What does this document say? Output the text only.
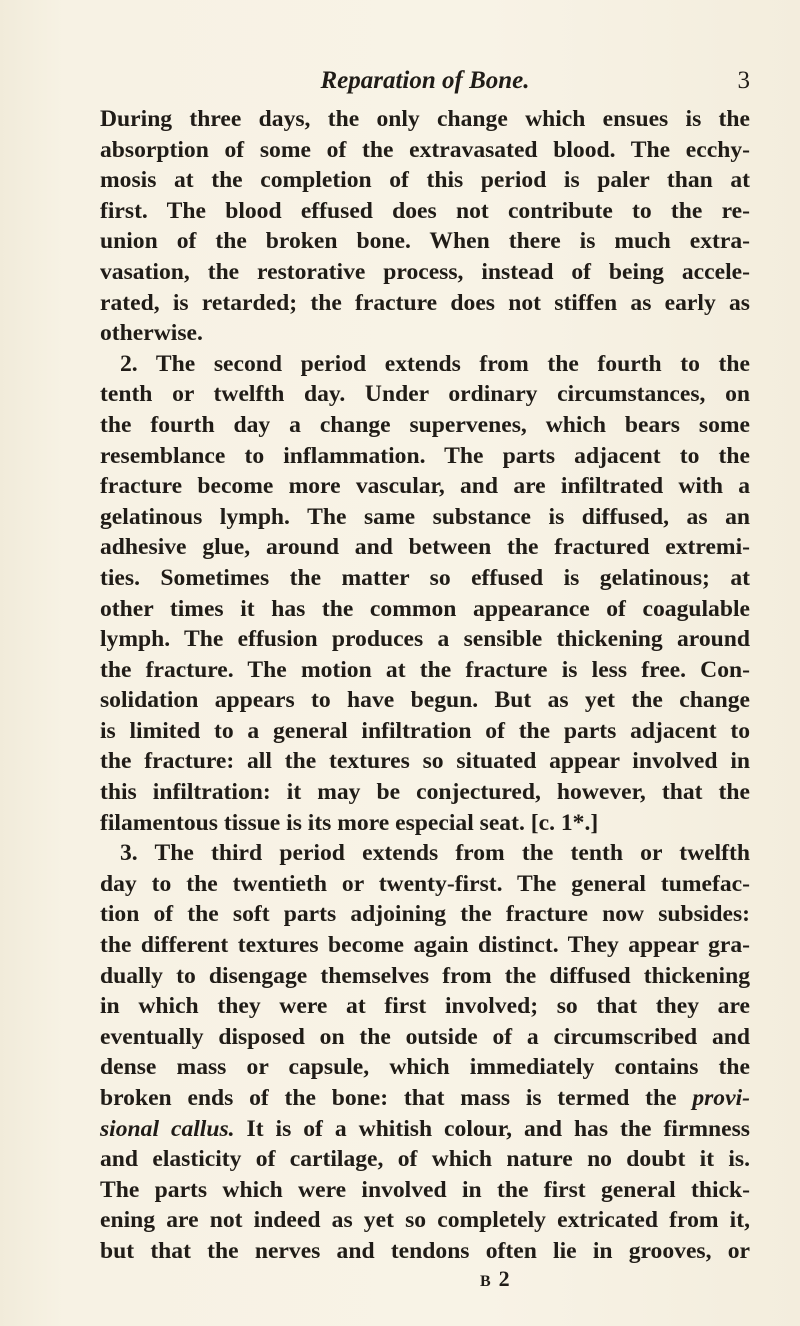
Reparation of Bone.	3
During three days, the only change which ensues is the
absorption of some of the extravasated blood. The ecchy-
mosis at the completion of this period is paler than at
first. The blood effused does not contribute to the re-
union of the broken bone. When there is much extra-
vasation, the restorative process, instead of being accele-
rated, is retarded; the fracture does not stiffen as early as
otherwise.
2. The second period extends from the fourth to the
tenth or twelfth day. Under ordinary circumstances, on
the fourth day a change supervenes, which bears some
resemblance to inflammation. The parts adjacent to the
fracture become more vascular, and are infiltrated with a
gelatinous lymph. The same substance is diffused, as an
adhesive glue, around and between the fractured extremi-
ties. Sometimes the matter so effused is gelatinous; at
other times it has the common appearance of coagulable
lymph. The effusion produces a sensible thickening around
the fracture. The motion at the fracture is less free. Con-
solidation appears to have begun. But as yet the change
is limited to a general infiltration of the parts adjacent to
the fracture: all the textures so situated appear involved in
this infiltration: it may be conjectured, however, that the
filamentous tissue is its more especial seat. [c. 1*.]
3. The third period extends from the tenth or twelfth
day to the twentieth or twenty-first. The general tumefac-
tion of the soft parts adjoining the fracture now subsides:
the different textures become again distinct. They appear gra-
dually to disengage themselves from the diffused thickening
in which they were at first involved; so that they are
eventually disposed on the outside of a circumscribed and
dense mass or capsule, which immediately contains the
broken ends of the bone: that mass is termed the provi-
sional callus. It is of a whitish colour, and has the firmness
and elasticity of cartilage, of which nature no doubt it is.
The parts which were involved in the first general thick-
ening are not indeed as yet so completely extricated from it,
but that the nerves and tendons often lie in grooves, or
B 2
